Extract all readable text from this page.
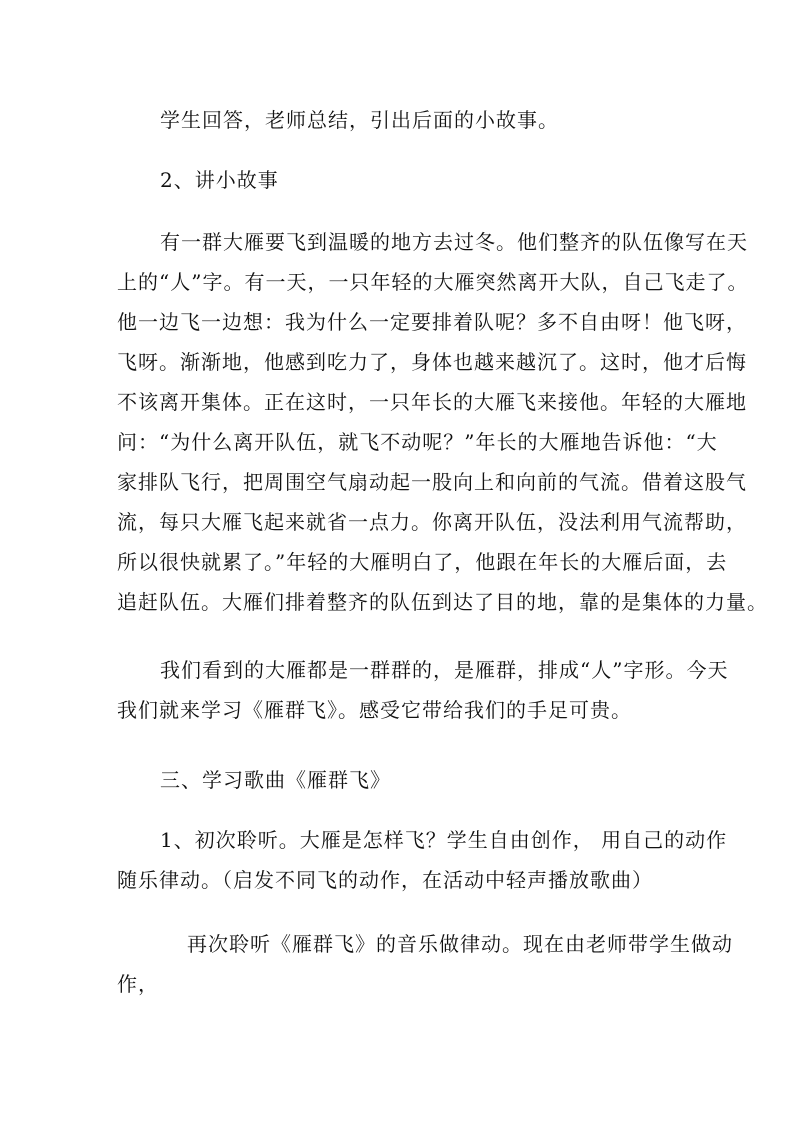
学生回答，老师总结，引出后面的小故事。
2、讲小故事
有一群大雁要飞到温暖的地方去过冬。他们整齐的队伍像写在天
上的“人”字。有一天，一只年轻的大雁突然离开大队，自己飞走了。
他一边飞一边想：我为什么一定要排着队呢？多不自由呀！他飞呀，
飞呀。渐渐地，他感到吃力了，身体也越来越沉了。这时，他才后悔
不该离开集体。正在这时，一只年长的大雁飞来接他。年轻的大雁地
问：“为什么离开队伍，就飞不动呢？”年长的大雁地告诉他：“大
家排队飞行，把周围空气扇动起一股向上和向前的气流。借着这股气
流，每只大雁飞起来就省一点力。你离开队伍，没法利用气流帮助，
所以很快就累了。”年轻的大雁明白了，他跟在年长的大雁后面，去
追赶队伍。大雁们排着整齐的队伍到达了目的地，靠的是集体的力量。
我们看到的大雁都是一群群的，是雁群，排成“人”字形。今天
我们就来学习《雁群飞》。感受它带给我们的手足可贵。
三、学习歌曲《雁群飞》
1、初次聆听。大雁是怎样飞？学生自由创作， 用自己的动作
随乐律动。（启发不同飞的动作，在活动中轻声播放歌曲）
再次聆听《雁群飞》的音乐做律动。现在由老师带学生做动
作，
